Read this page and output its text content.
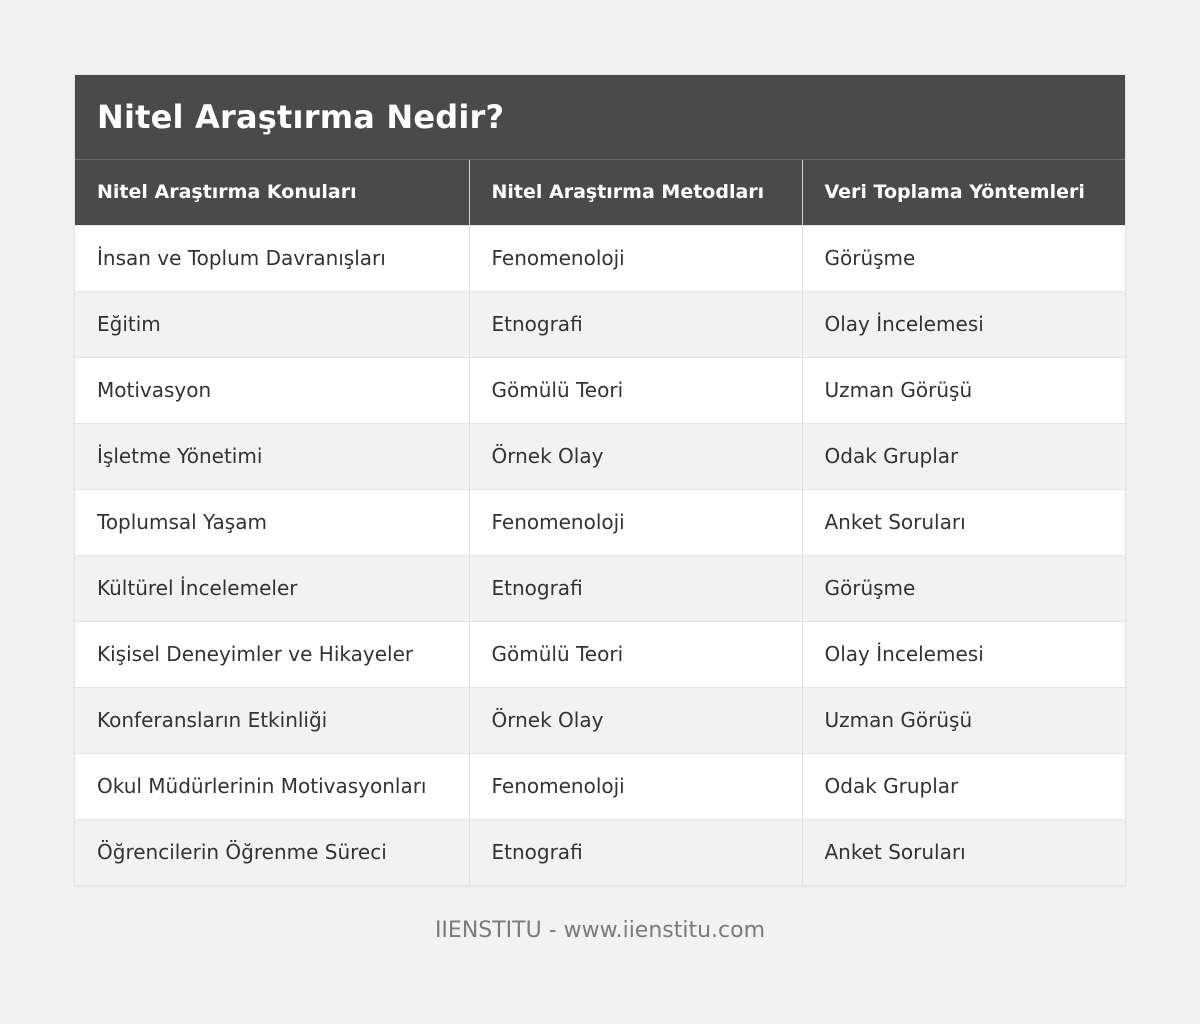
Nitel Araştırma Nedir?
Nitel Araştırma Konuları	Nitel Araştırma Metodları	Veri Toplama Yöntemleri
İnsan ve Toplum Davranışları	Fenomenoloji	Görüşme
Eğitim	Etnografi	Olay İncelemesi
Motivasyon	Gömülü Teori	Uzman Görüşü
İşletme Yönetimi	Örnek Olay	Odak Gruplar
Toplumsal Yaşam	Fenomenoloji	Anket Soruları
Kültürel İncelemeler	Etnografi	Görüşme
Kişisel Deneyimler ve Hikayeler	Gömülü Teori	Olay İncelemesi
Konferansların Etkinliği	Örnek Olay	Uzman Görüşü
Okul Müdürlerinin Motivasyonları	Fenomenoloji	Odak Gruplar
Öğrencilerin Öğrenme Süreci	Etnografi	Anket Soruları
IIENSTITU - www.iienstitu.com
